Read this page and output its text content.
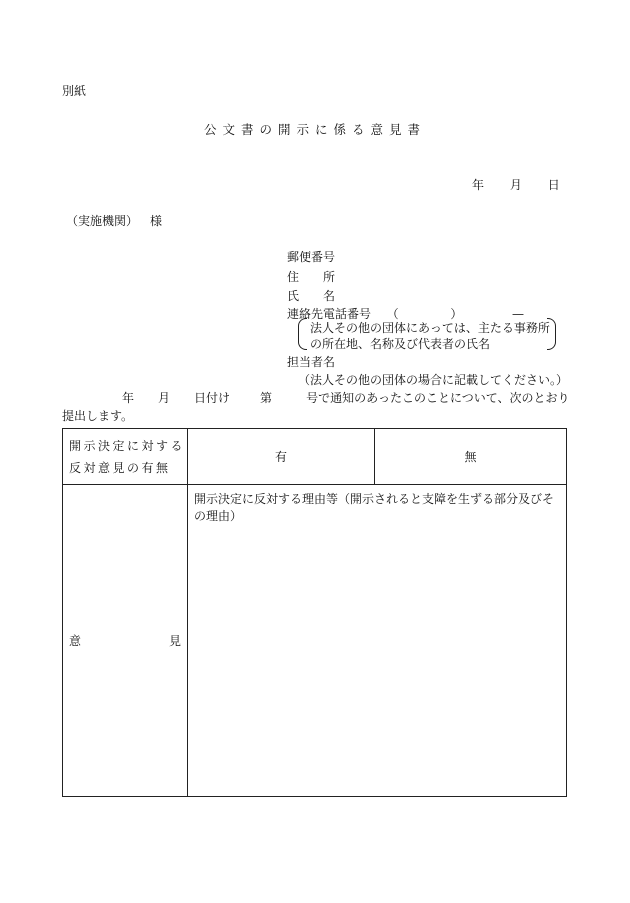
別紙
公文書の開示に係る意見書
年 月 日
（実施機関） 様
郵便番号
住 所
氏 名
連絡先電話番号 （	）	—
法人その他の団体にあっては、主たる事務所
の所在地、名称及び代表者の氏名
担当者名
（法人その他の団体の場合に記載してください。）
年 月 日付け	第	号で通知のあったこのことについて、次のとおり
提出します。
開示決定に対する
反対意見の有無	有	無

意 見	開示決定に反対する理由等（開示されると支障を生ずる部分及びその理由）	
